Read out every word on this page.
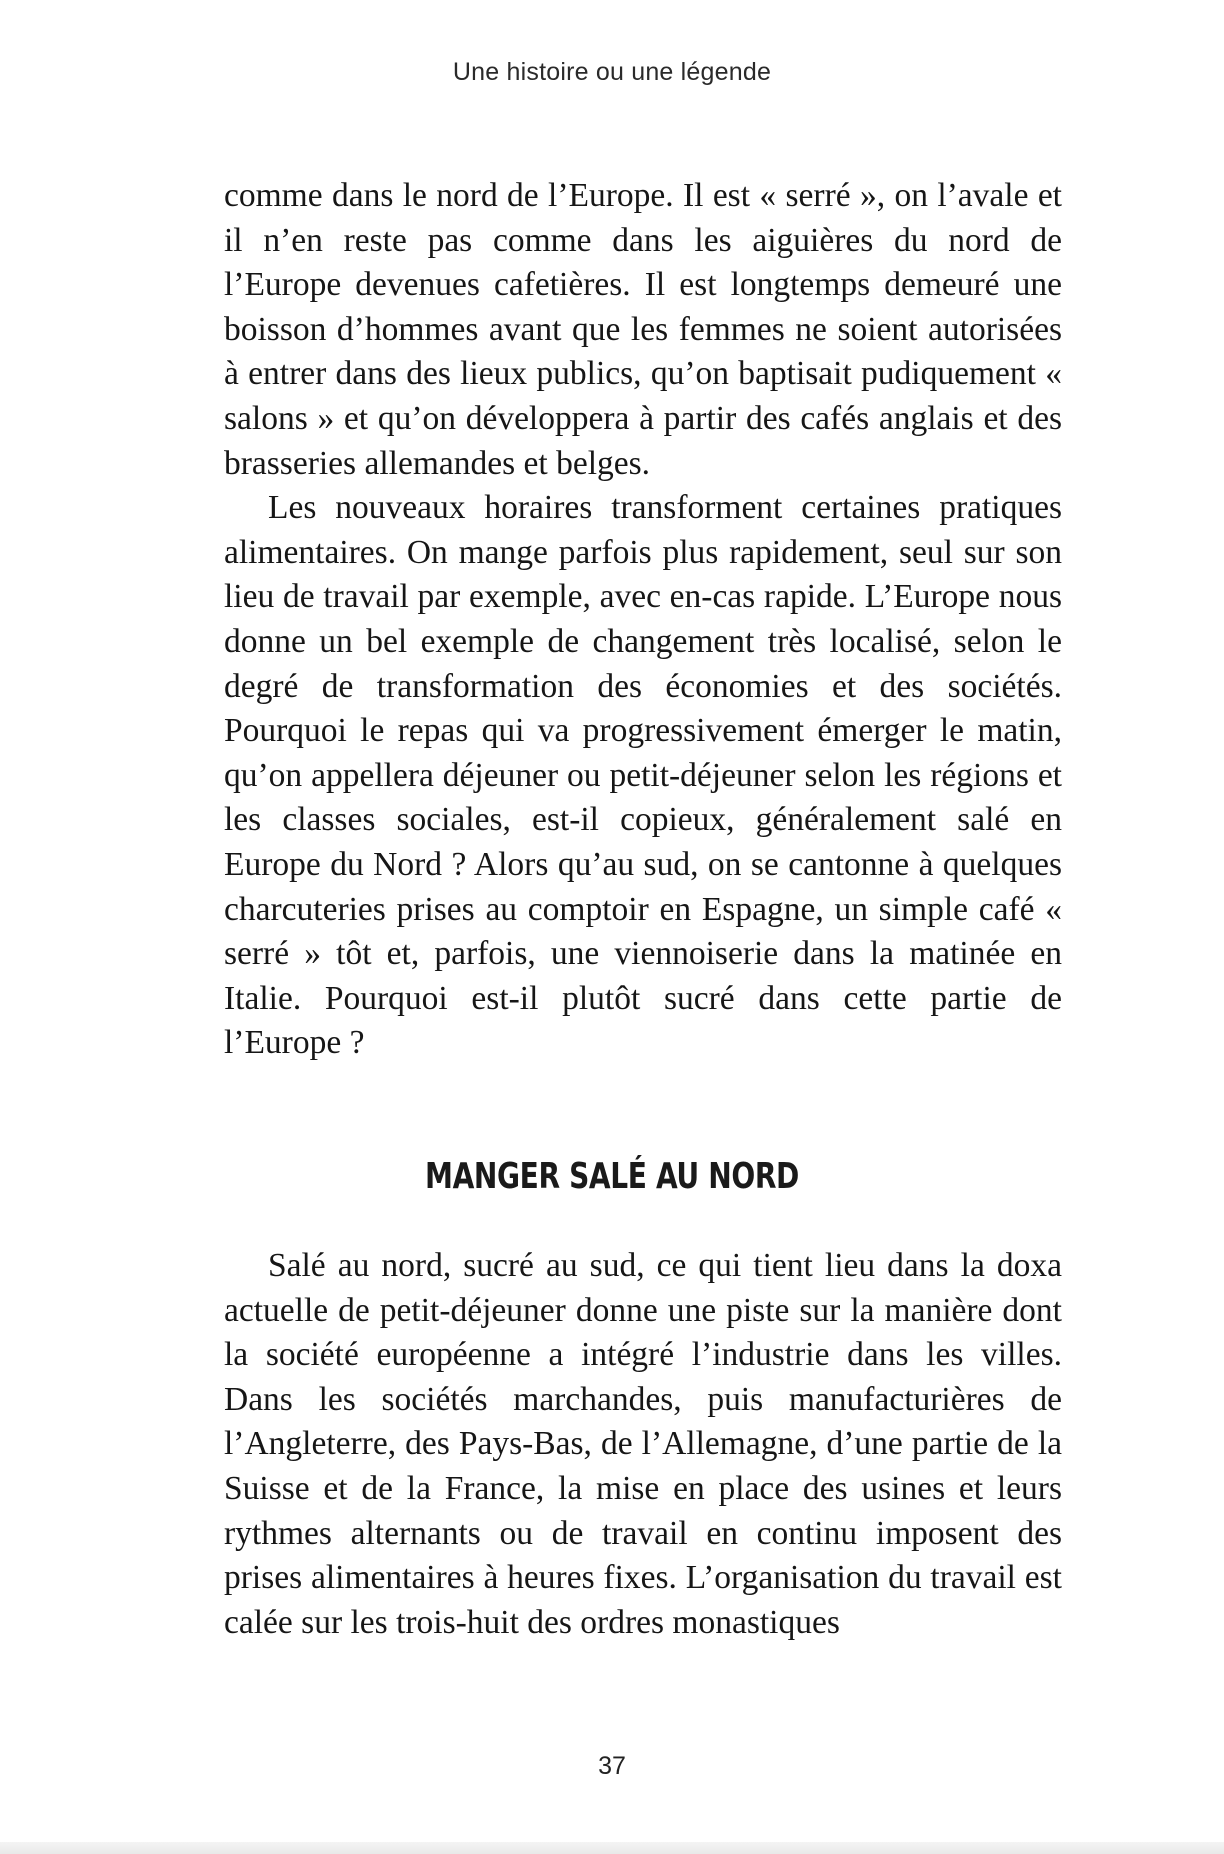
Une histoire ou une légende

comme dans le nord de l’Europe. Il est « serré », on l’avale et il n’en reste pas comme dans les aiguières du nord de l’Europe devenues cafetières. Il est longtemps demeuré une boisson d’hommes avant que les femmes ne soient autorisées à entrer dans des lieux publics, qu’on baptisait pudiquement « salons » et qu’on développera à partir des cafés anglais et des brasseries allemandes et belges.

Les nouveaux horaires transforment certaines pratiques alimentaires. On mange parfois plus rapidement, seul sur son lieu de travail par exemple, avec en-cas rapide. L’Europe nous donne un bel exemple de changement très localisé, selon le degré de transformation des économies et des sociétés. Pourquoi le repas qui va progressivement émerger le matin, qu’on appellera déjeuner ou petit-déjeuner selon les régions et les classes sociales, est-il copieux, généralement salé en Europe du Nord ? Alors qu’au sud, on se cantonne à quelques charcuteries prises au comptoir en Espagne, un simple café « serré » tôt et, parfois, une viennoiserie dans la matinée en Italie. Pourquoi est-il plutôt sucré dans cette partie de l’Europe ?

MANGER SALÉ AU NORD

Salé au nord, sucré au sud, ce qui tient lieu dans la doxa actuelle de petit-déjeuner donne une piste sur la manière dont la société européenne a intégré l’industrie dans les villes. Dans les sociétés marchandes, puis manufacturières de l’Angleterre, des Pays-Bas, de l’Allemagne, d’une partie de la Suisse et de la France, la mise en place des usines et leurs rythmes alternants ou de travail en continu imposent des prises alimentaires à heures fixes. L’organisation du travail est calée sur les trois-huit des ordres monastiques

37
